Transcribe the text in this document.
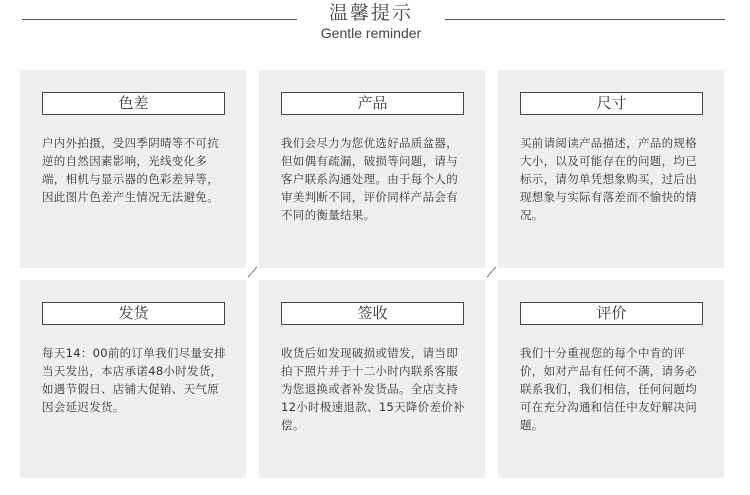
温馨提示
Gentle reminder
色差
户内外拍摄，受四季阴晴等不可抗逆的自然因素影响，光线变化多端，相机与显示器的色彩差异等，因此图片色差产生情况无法避免。
产品
我们会尽力为您优选好品质盆器，但如偶有疏漏，破损等问题，请与客户联系沟通处理。由于每个人的审美判断不同，评价同样产品会有不同的衡量结果。
尺寸
买前请阅读产品描述，产品的规格大小，以及可能存在的问题，均已标示，请勿单凭想象购买，过后出现想象与实际有落差而不愉快的情况。
发货
每天14：00前的订单我们尽量安排当天发出，本店承诺48小时发货，如遇节假日、店铺大促销、天气原因会延迟发货。
签收
收货后如发现破损或错发，请当即拍下照片并于十二小时内联系客服为您退换或者补发货品。全店支持12小时极速退款、15天降价差价补偿。
评价
我们十分重视您的每个中肯的评价，如对产品有任何不满，请务必联系我们，我们相信，任何问题均可在充分沟通和信任中友好解决问题。
